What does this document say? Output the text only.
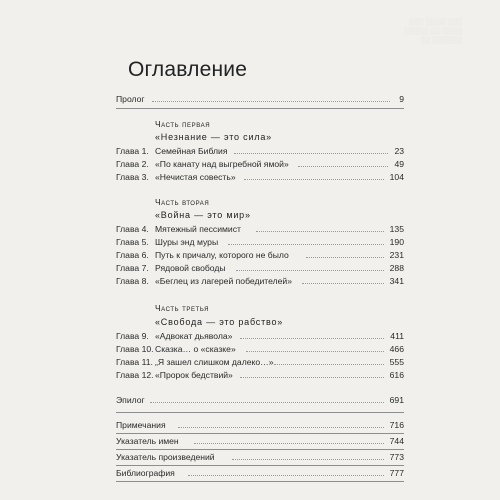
░░░ ░░░░ ░░░
░░░░░ ░░ ░░░░
░░ ░░░░░░
Оглавление
Пролог	9
Часть первая
«Незнание — это сила»
Глава 1. Семейная Библия	23
Глава 2. «По канату над выгребной ямой»	49
Глава 3. «Нечистая совесть»	104
Часть вторая
«Война — это мир»
Глава 4. Мятежный пессимист	135
Глава 5. Шуры энд муры	190
Глава 6. Путь к причалу, которого не было	231
Глава 7. Рядовой свободы	288
Глава 8. «Беглец из лагерей победителей»	341
Часть третья
«Свобода — это рабство»
Глава 9. «Адвокат дьявола»	411
Глава 10. Сказка… о «сказке»	466
Глава 11. „Я зашел слишком далеко…»	555
Глава 12. «Пророк бедствий»	616
Эпилог	691
Примечания	716
Указатель имен	744
Указатель произведений	773
Библиография	777
